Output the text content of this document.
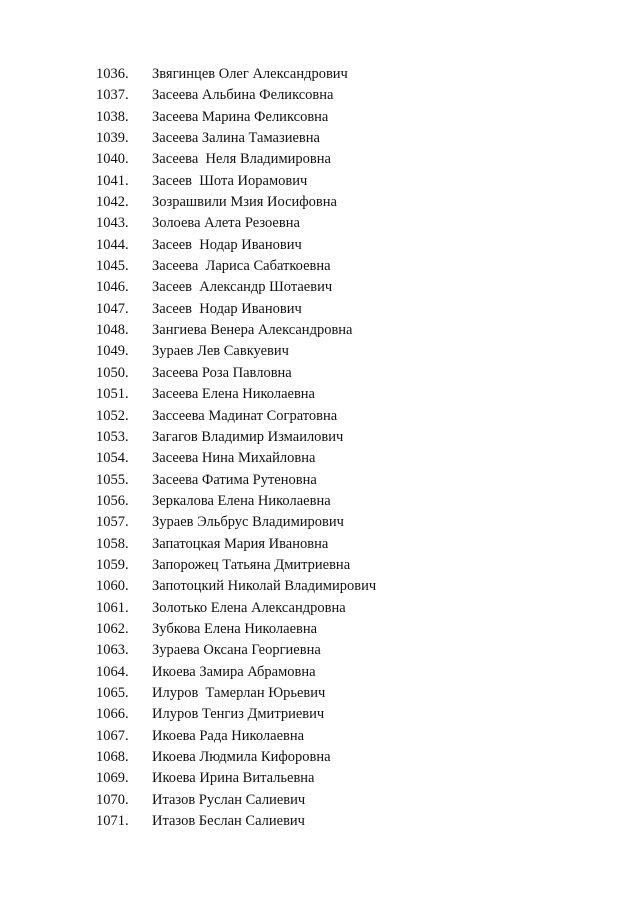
1036. Звягинцев Олег Александрович
1037. Засеева Альбина Феликсовна
1038. Засеева Марина Феликсовна
1039. Засеева Залина Тамазиевна
1040. Засеева  Неля Владимировна
1041. Засеев  Шота Иорамович
1042. Зозрашвили Мзия Иосифовна
1043. Золоева Алета Резоевна
1044. Засеев  Нодар Иванович
1045. Засеева  Лариса Сабаткоевна
1046. Засеев  Александр Шотаевич
1047. Засеев  Нодар Иванович
1048. Зангиева Венера Александровна
1049. Зураев Лев Савкуевич
1050. Засеева Роза Павловна
1051. Засеева Елена Николаевна
1052. Зассеева Мадинат Согратовна
1053. Загагов Владимир Измаилович
1054. Засеева Нина Михайловна
1055. Засеева Фатима Рутеновна
1056. Зеркалова Елена Николаевна
1057. Зураев Эльбрус Владимирович
1058. Запатоцкая Мария Ивановна
1059. Запорожец Татьяна Дмитриевна
1060. Запотоцкий Николай Владимирович
1061. Золотько Елена Александровна
1062. Зубкова Елена Николаевна
1063. Зураева Оксана Георгиевна
1064. Икоева Замира Абрамовна
1065. Илуров  Тамерлан Юрьевич
1066. Илуров Тенгиз Дмитриевич
1067. Икоева Рада Николаевна
1068. Икоева Людмила Кифоровна
1069. Икоева Ирина Витальевна
1070. Итазов Руслан Салиевич
1071. Итазов Беслан Салиевич
